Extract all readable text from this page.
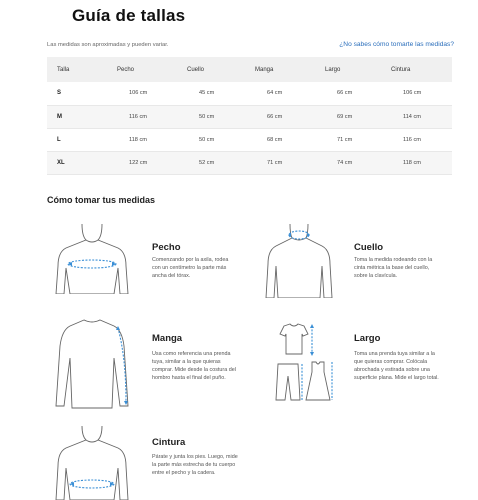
Guía de tallas
Las medidas son aproximadas y pueden variar.	¿No sabes cómo tomarte las medidas?
Talla	Pecho	Cuello	Manga	Largo	Cintura
S	106 cm	45 cm	64 cm	66 cm	106 cm
M	116 cm	50 cm	66 cm	69 cm	114 cm
L	118 cm	50 cm	68 cm	71 cm	116 cm
XL	122 cm	52 cm	71 cm	74 cm	118 cm
Cómo tomar tus medidas
Pecho
Comenzando por la axila, rodea con un centímetro la parte más ancha del tórax.
Cuello
Toma la medida rodeando con la cinta métrica la base del cuello, sobre la clavícula.
Manga
Usa como referencia una prenda tuya, similar a la que quieras comprar. Mide desde la costura del hombro hasta el final del puño.
Largo
Toma una prenda tuya similar a la que quieras comprar. Colócala abrochada y estirada sobre una superficie plana. Mide el largo total.
Cintura
Párate y junta los pies. Luego, mide la parte más estrecha de tu cuerpo entre el pecho y la cadera.
